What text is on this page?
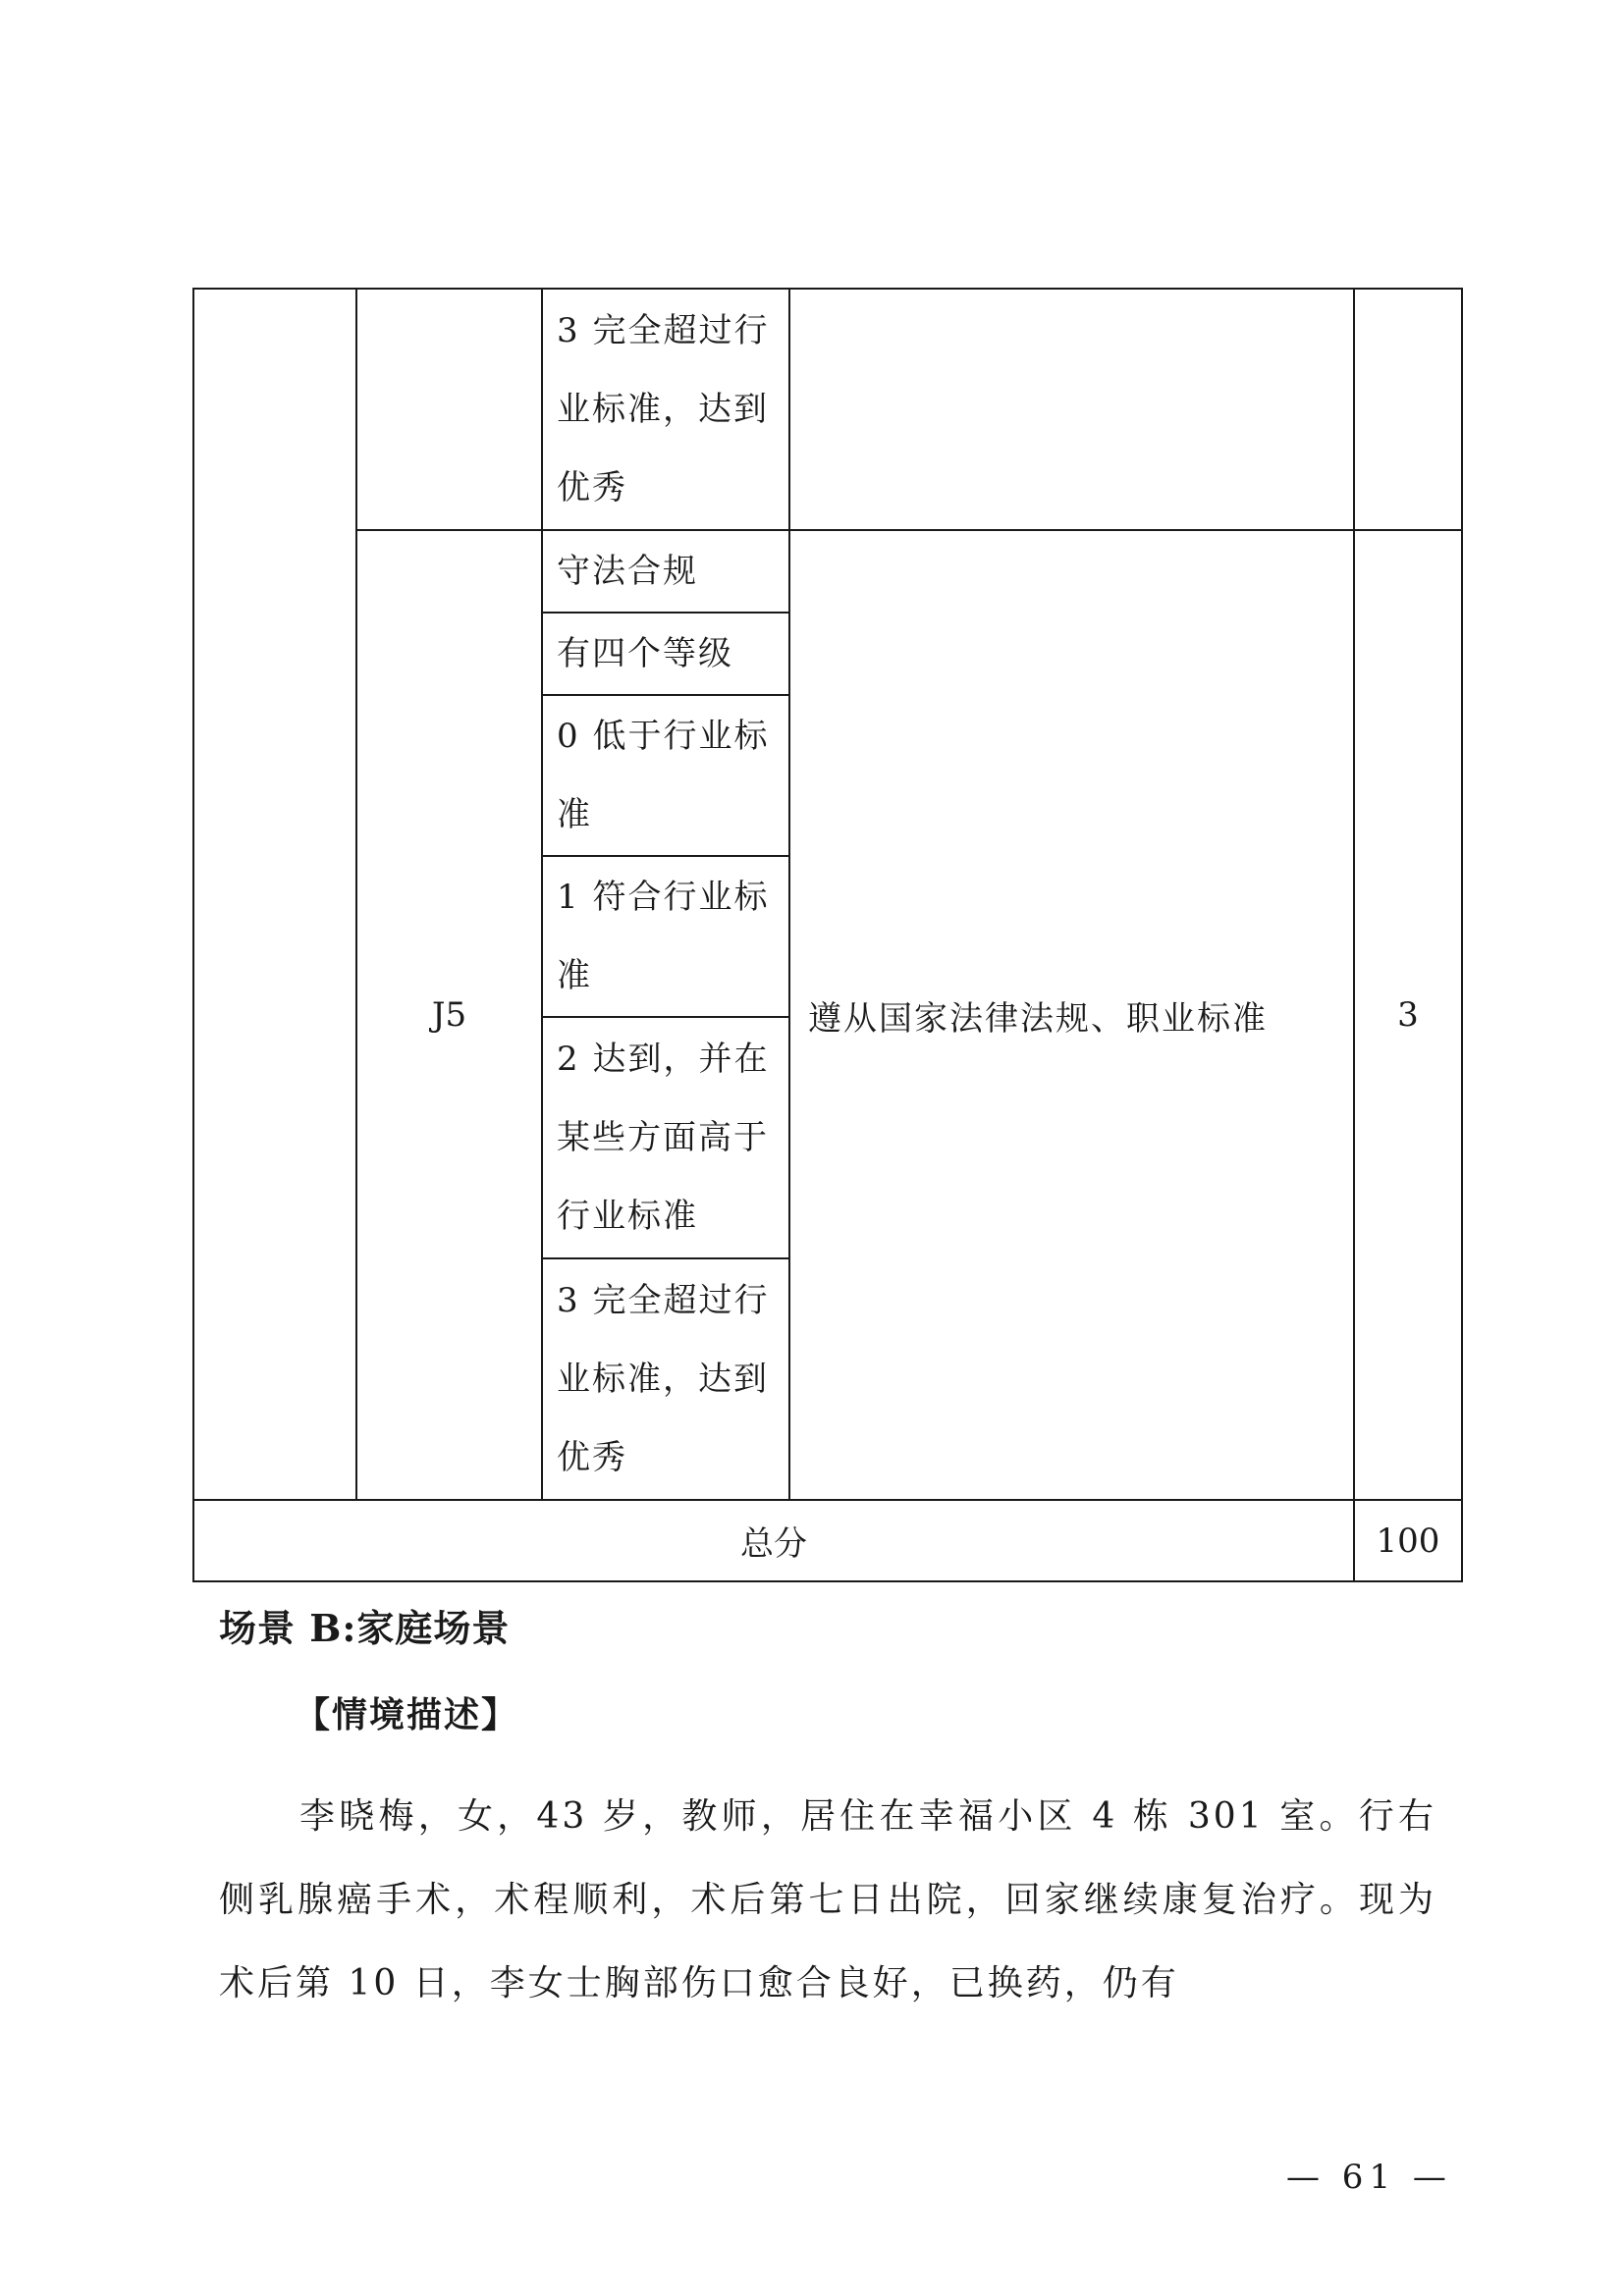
		3 完全超过行业标准，达到优秀		
	J5	守法合规	遵从国家法律法规、职业标准	3
		有四个等级		
		0 低于行业标准		
		1 符合行业标准		
		2 达到，并在某些方面高于行业标准		
		3 完全超过行业标准，达到优秀		

总分				100
场景 B:家庭场景
【情境描述】

李晓梅，女，43 岁，教师，居住在幸福小区 4 栋 301 室。行右侧乳腺癌手术，术程顺利，术后第七日出院，回家继续康复治疗。现为术后第 10 日，李女士胸部伤口愈合良好，已换药，仍有

— 61 —
